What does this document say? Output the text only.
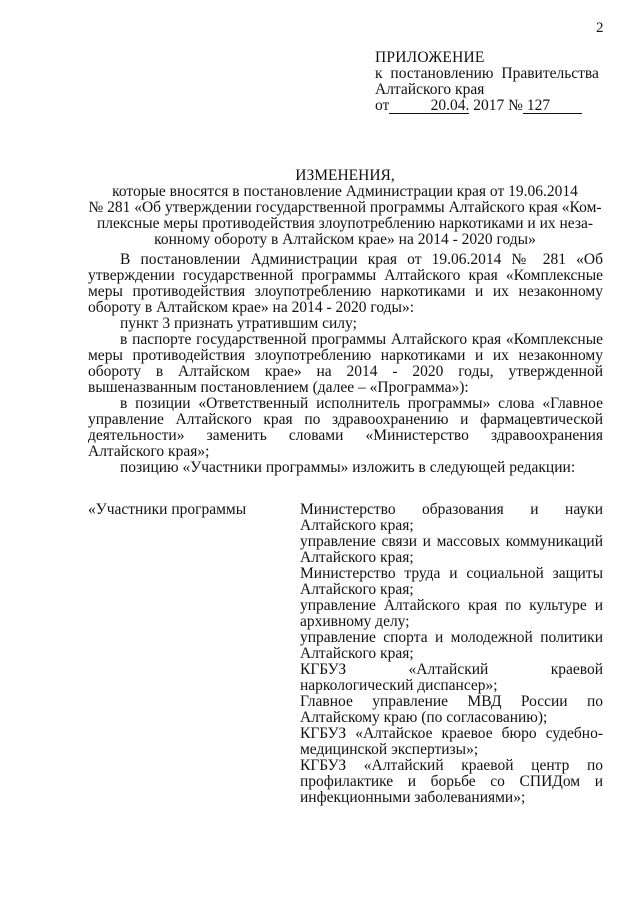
2
ПРИЛОЖЕНИЕ
к постановлению Правительства
Алтайского края
от	20.04. 2017 № 127
ИЗМЕНЕНИЯ,
которые вносятся в постановление Администрации края от 19.06.2014
№ 281 «Об утверждении государственной программы Алтайского края «Ком-
плексные меры противодействия злоупотреблению наркотиками и их неза-
конному обороту в Алтайском крае» на 2014 - 2020 годы»

В постановлении Администрации края от 19.06.2014 № 281 «Об утверждении государственной программы Алтайского края «Комплексные меры противодействия злоупотреблению наркотиками и их незаконному обороту в Алтайском крае» на 2014 - 2020 годы»:

пункт 3 признать утратившим силу;

в паспорте государственной программы Алтайского края «Комплексные меры противодействия злоупотреблению наркотиками и их незаконному обороту в Алтайском крае» на 2014 - 2020 годы, утвержденной вышеназванным постановлением (далее – «Программа»):

в позиции «Ответственный исполнитель программы» слова «Главное управление Алтайского края по здравоохранению и фармацевтической деятельности» заменить словами «Министерство здравоохранения Алтайского края»;

позицию «Участники программы» изложить в следующей редакции:

«Участники программы	Министерство образования и науки Алтайского края;

управление связи и массовых коммуникаций Алтайского края;

Министерство труда и социальной защиты Алтайского края;

управление Алтайского края по культуре и архивному делу;

управление спорта и молодежной политики Алтайского края;

КГБУЗ «Алтайский краевой наркологический диспансер»;

Главное управление МВД России по Алтайскому краю (по согласованию);

КГБУЗ «Алтайское краевое бюро судебно-медицинской экспертизы»;

КГБУЗ «Алтайский краевой центр по профилактике и борьбе со СПИДом и инфекционными заболеваниями»;
